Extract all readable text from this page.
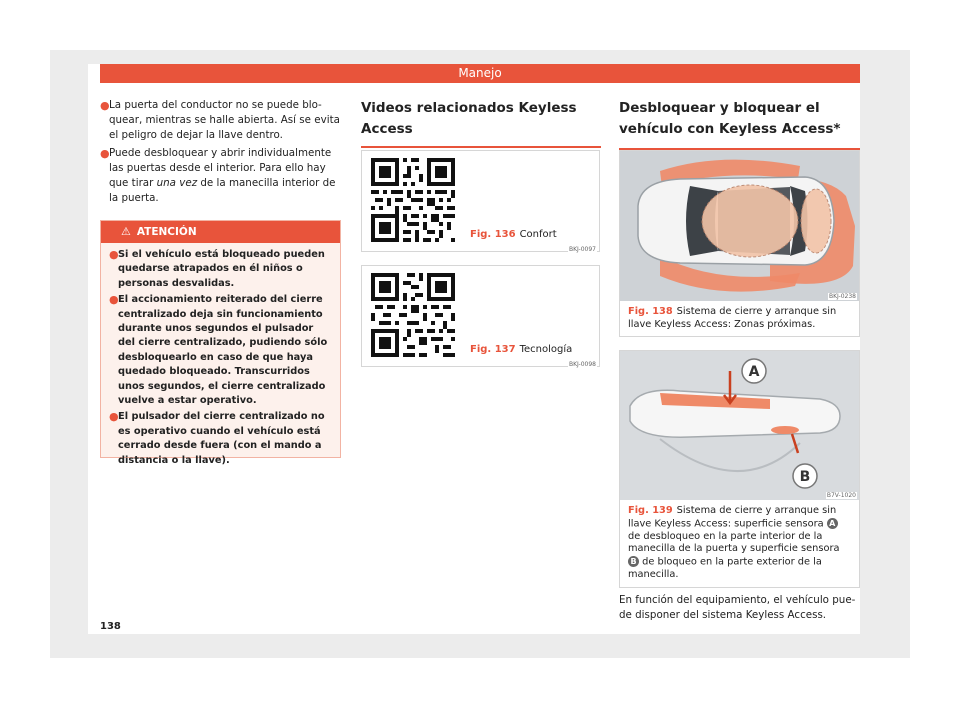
Manejo
● La puerta del conductor no se puede bloquear, mientras se halle abierta. Así se evita el peligro de dejar la llave dentro.
● Puede desbloquear y abrir individualmente las puertas desde el interior. Para ello hay que tirar una vez de la manecilla interior de la puerta.
⚠ ATENCIÓN
● Si el vehículo está bloqueado pueden quedarse atrapados en él niños o personas desvalidas.
● El accionamiento reiterado del cierre centralizado deja sin funcionamiento durante unos segundos el pulsador del cierre centralizado, pudiendo sólo desbloquearlo en caso de que haya quedado bloqueado. Transcurridos unos segundos, el cierre centralizado vuelve a estar operativo.
● El pulsador del cierre centralizado no es operativo cuando el vehículo está cerrado desde fuera (con el mando a distancia o la llave).
Videos relacionados Keyless Access
BKJ-0097
Fig. 136 Confort
BKJ-0098
Fig. 137 Tecnología
Desbloquear y bloquear el vehículo con Keyless Access*
BKJ-0238
Fig. 138 Sistema de cierre y arranque sin llave Keyless Access: Zonas próximas.
A
B
B7V-1020
Fig. 139 Sistema de cierre y arranque sin llave Keyless Access: superficie sensora A de desbloqueo en la parte interior de la manecilla de la puerta y superficie sensora B de bloqueo en la parte exterior de la manecilla.
En función del equipamiento, el vehículo puede disponer del sistema Keyless Access.
138
